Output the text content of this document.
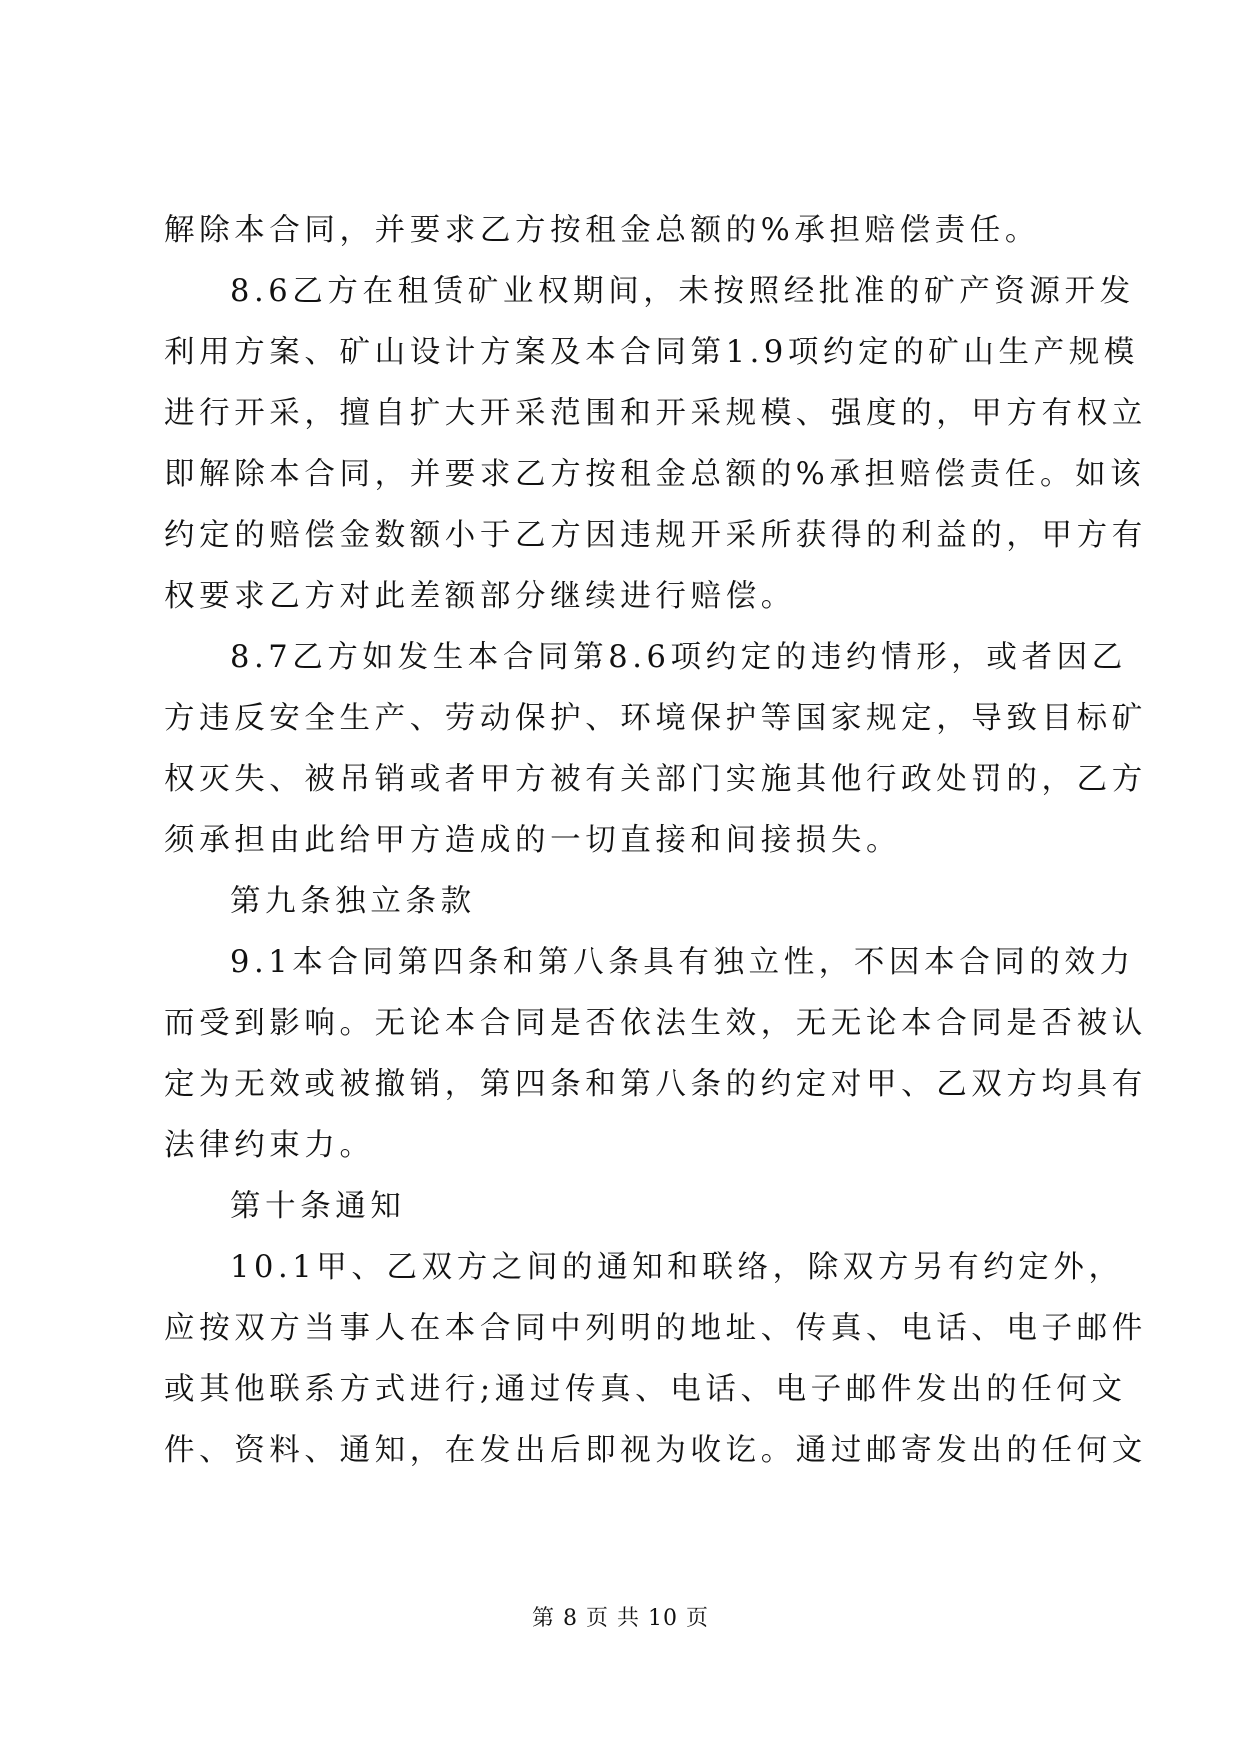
解除本合同，并要求乙方按租金总额的%承担赔偿责任。
8.6乙方在租赁矿业权期间，未按照经批准的矿产资源开发
利用方案、矿山设计方案及本合同第1.9项约定的矿山生产规模
进行开采，擅自扩大开采范围和开采规模、强度的，甲方有权立
即解除本合同，并要求乙方按租金总额的%承担赔偿责任。如该
约定的赔偿金数额小于乙方因违规开采所获得的利益的，甲方有
权要求乙方对此差额部分继续进行赔偿。
8.7乙方如发生本合同第8.6项约定的违约情形，或者因乙
方违反安全生产、劳动保护、环境保护等国家规定，导致目标矿
权灭失、被吊销或者甲方被有关部门实施其他行政处罚的，乙方
须承担由此给甲方造成的一切直接和间接损失。
第九条独立条款
9.1本合同第四条和第八条具有独立性，不因本合同的效力
而受到影响。无论本合同是否依法生效，无无论本合同是否被认
定为无效或被撤销，第四条和第八条的约定对甲、乙双方均具有
法律约束力。
第十条通知
10.1甲、乙双方之间的通知和联络，除双方另有约定外，
应按双方当事人在本合同中列明的地址、传真、电话、电子邮件
或其他联系方式进行;通过传真、电话、电子邮件发出的任何文
件、资料、通知，在发出后即视为收讫。通过邮寄发出的任何文
第 8 页 共 10 页
